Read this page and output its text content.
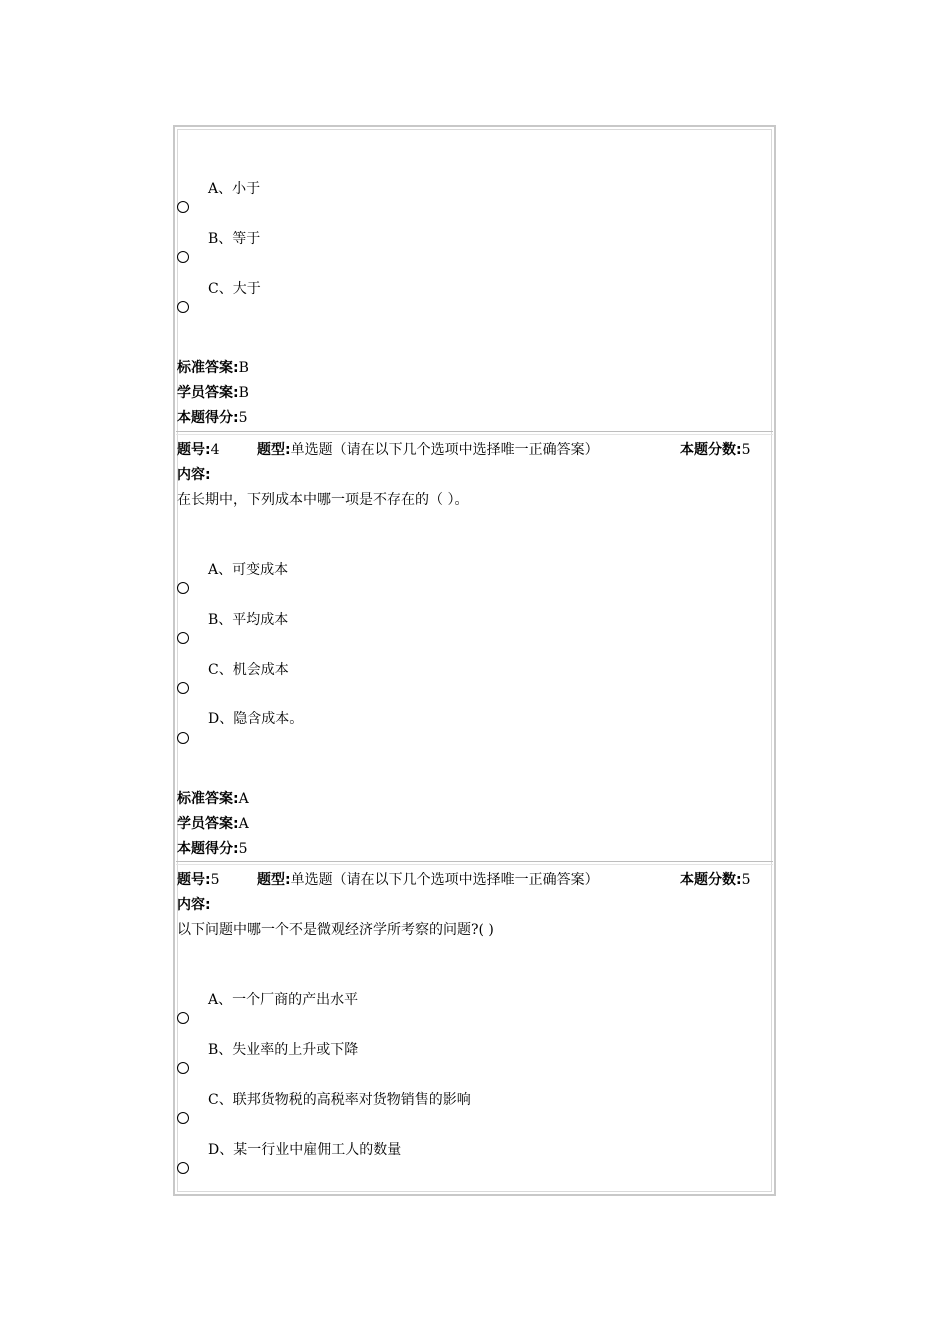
A、小于
B、等于
C、大于
标准答案:B
学员答案:B
本题得分:5
题号:4	题型:单选题（请在以下几个选项中选择唯一正确答案）	本题分数:5
内容:
在长期中，下列成本中哪一项是不存在的（ ）。
A、可变成本
B、平均成本
C、机会成本
D、隐含成本。
标准答案:A
学员答案:A
本题得分:5
题号:5	题型:单选题（请在以下几个选项中选择唯一正确答案）	本题分数:5
内容:
以下问题中哪一个不是微观经济学所考察的问题?( )
A、一个厂商的产出水平
B、失业率的上升或下降
C、联邦货物税的高税率对货物销售的影响
D、某一行业中雇佣工人的数量
